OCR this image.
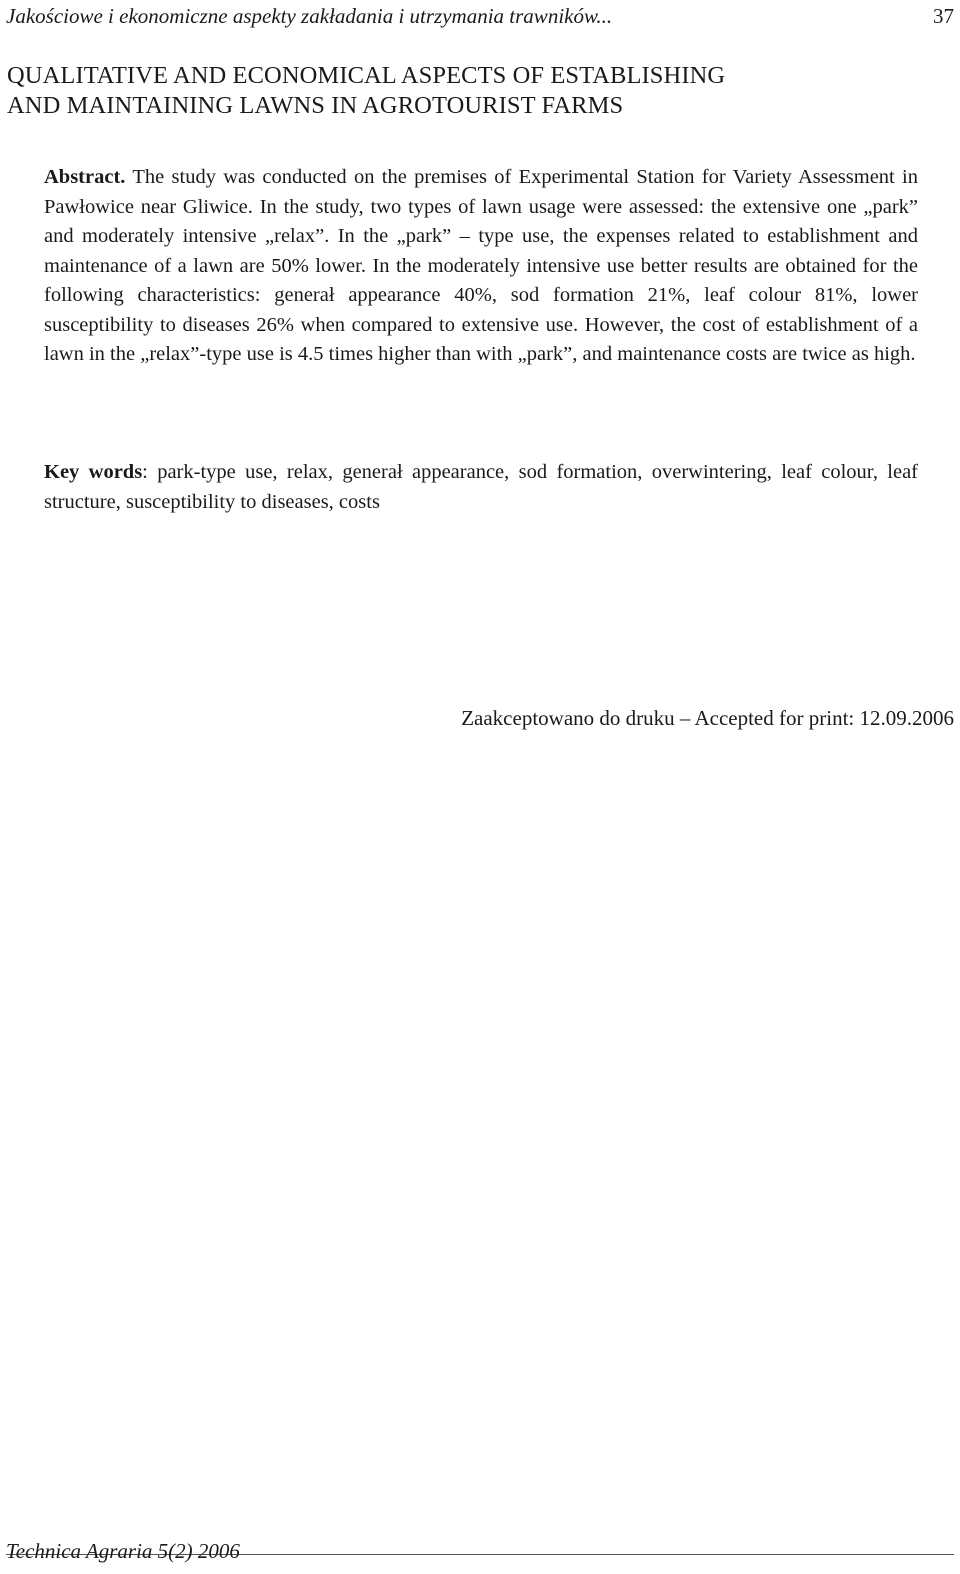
Jakościowe i ekonomiczne aspekty zakładania i utrzymania trawników...	37
QUALITATIVE AND ECONOMICAL ASPECTS OF ESTABLISHING
AND MAINTAINING LAWNS IN AGROTOURIST FARMS

Abstract. The study was conducted on the premises of Experimental Station for Variety Assessment in Pawłowice near Gliwice. In the study, two types of lawn usage were assessed: the extensive one „park” and moderately intensive „relax”. In the „park” – type use, the expenses related to establishment and maintenance of a lawn are 50% lower. In the moderately intensive use better results are obtained for the following characteristics: generał appearance 40%, sod formation 21%, leaf colour 81%, lower susceptibility to diseases 26% when compared to extensive use. However, the cost of establishment of a lawn in the „relax”-type use is 4.5 times higher than with „park”, and maintenance costs are twice as high.

Key words: park-type use, relax, generał appearance, sod formation, overwintering, leaf colour, leaf structure, susceptibility to diseases, costs

Zaakceptowano do druku – Accepted for print: 12.09.2006
Technica Agraria 5(2) 2006
